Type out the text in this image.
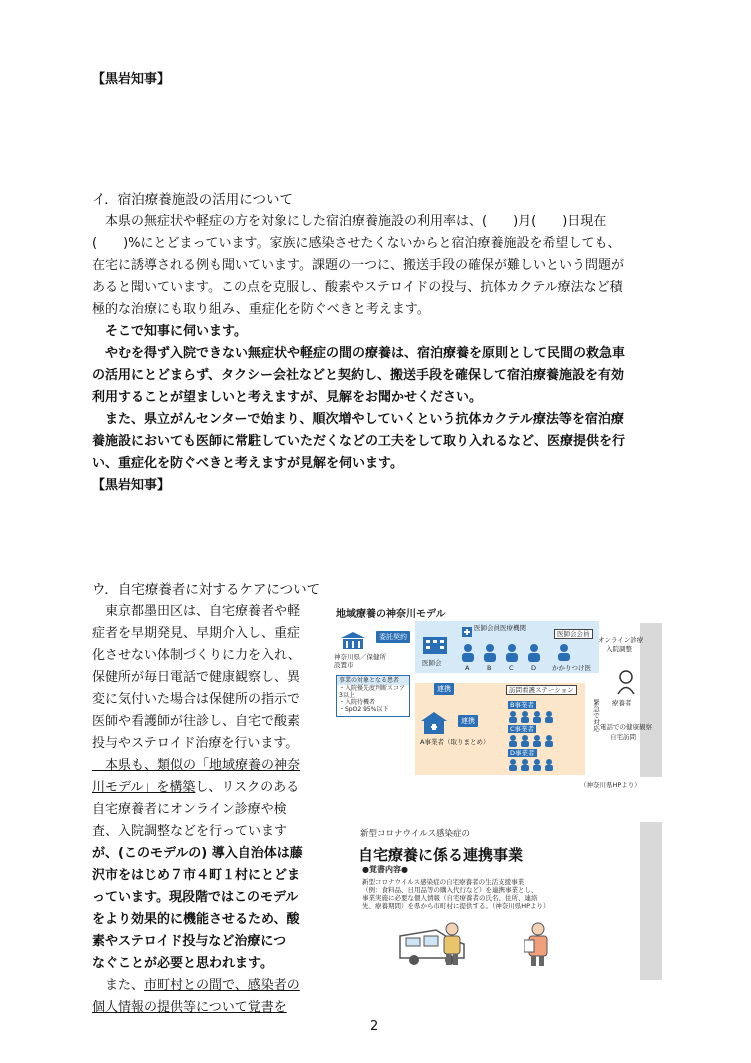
【黒岩知事】
イ．宿泊療養施設の活用について
　本県の無症状や軽症の方を対象にした宿泊療養施設の利用率は、(　　)月(　　)日現在
(　　)%にとどまっています。家族に感染させたくないからと宿泊療養施設を希望しても、
在宅に誘導される例も聞いています。課題の一つに、搬送手段の確保が難しいという問題が
あると聞いています。この点を克服し、酸素やステロイドの投与、抗体カクテル療法など積
極的な治療にも取り組み、重症化を防ぐべきと考えます。
　そこで知事に伺います。
　やむを得ず入院できない無症状や軽症の間の療養は、宿泊療養を原則として民間の救急車
の活用にとどまらず、タクシー会社などと契約し、搬送手段を確保して宿泊療養施設を有効
利用することが望ましいと考えますが、見解をお聞かせください。
　また、県立がんセンターで始まり、順次増やしていくという抗体カクテル療法等を宿泊療
養施設においても医師に常駐していただくなどの工夫をして取り入れるなど、医療提供を行
い、重症化を防ぐべきと考えますが見解を伺います。
【黒岩知事】
ウ．自宅療養者に対するケアについて
　東京都墨田区は、自宅療養者や軽
症者を早期発見、早期介入し、重症
化させない体制づくりに力を入れ、
保健所が毎日電話で健康観察し、異
変に気付いた場合は保健所の指示で
医師や看護師が往診し、自宅で酸素
投与やステロイド治療を行います。
　本県も、類似の「地域療養の神奈
川モデル」を構築し、リスクのある
自宅療養者にオンライン診療や検
査、入院調整などを行っています
が、(このモデルの) 導入自治体は藤
沢市をはじめ７市４町１村にとどま
っています。現段階ではこのモデル
をより効果的に機能させるため、酸
素やステロイド投与など治療につ
なぐことが必要と思われます。
　また、市町村との間で、感染者の
個人情報の提供等について覚書を
地域療養の神奈川モデル
神奈川県／保健所設置市
委託契約
医師会
医師会員医療機関
A	B	C	D
医師会会員
かかりつけ医
オンライン診療
入院調整
連携
事業の対象となる患者
・入院優先度判断スコア3以上
・入院待機者
・SpO2 95%以下
訪問看護ステーション
A事業者（取りまとめ）
連携
B事業者
C事業者
D事業者
緊急で対応 療養者
電話での健康観察
自宅訪問
（神奈川県HPより）
新型コロナウイルス感染症の
自宅療養に係る連携事業
●覚書内容●
新型コロナウイルス感染症の自宅療養者の生活支援事業
（例：食料品、日用品等の購入代行など）を連携事業とし、
事業実施に必要な個人情報（自宅療養者の氏名、住所、連絡
先、療養期間）を県から市町村に提供する。（神奈川県HPより）
2
